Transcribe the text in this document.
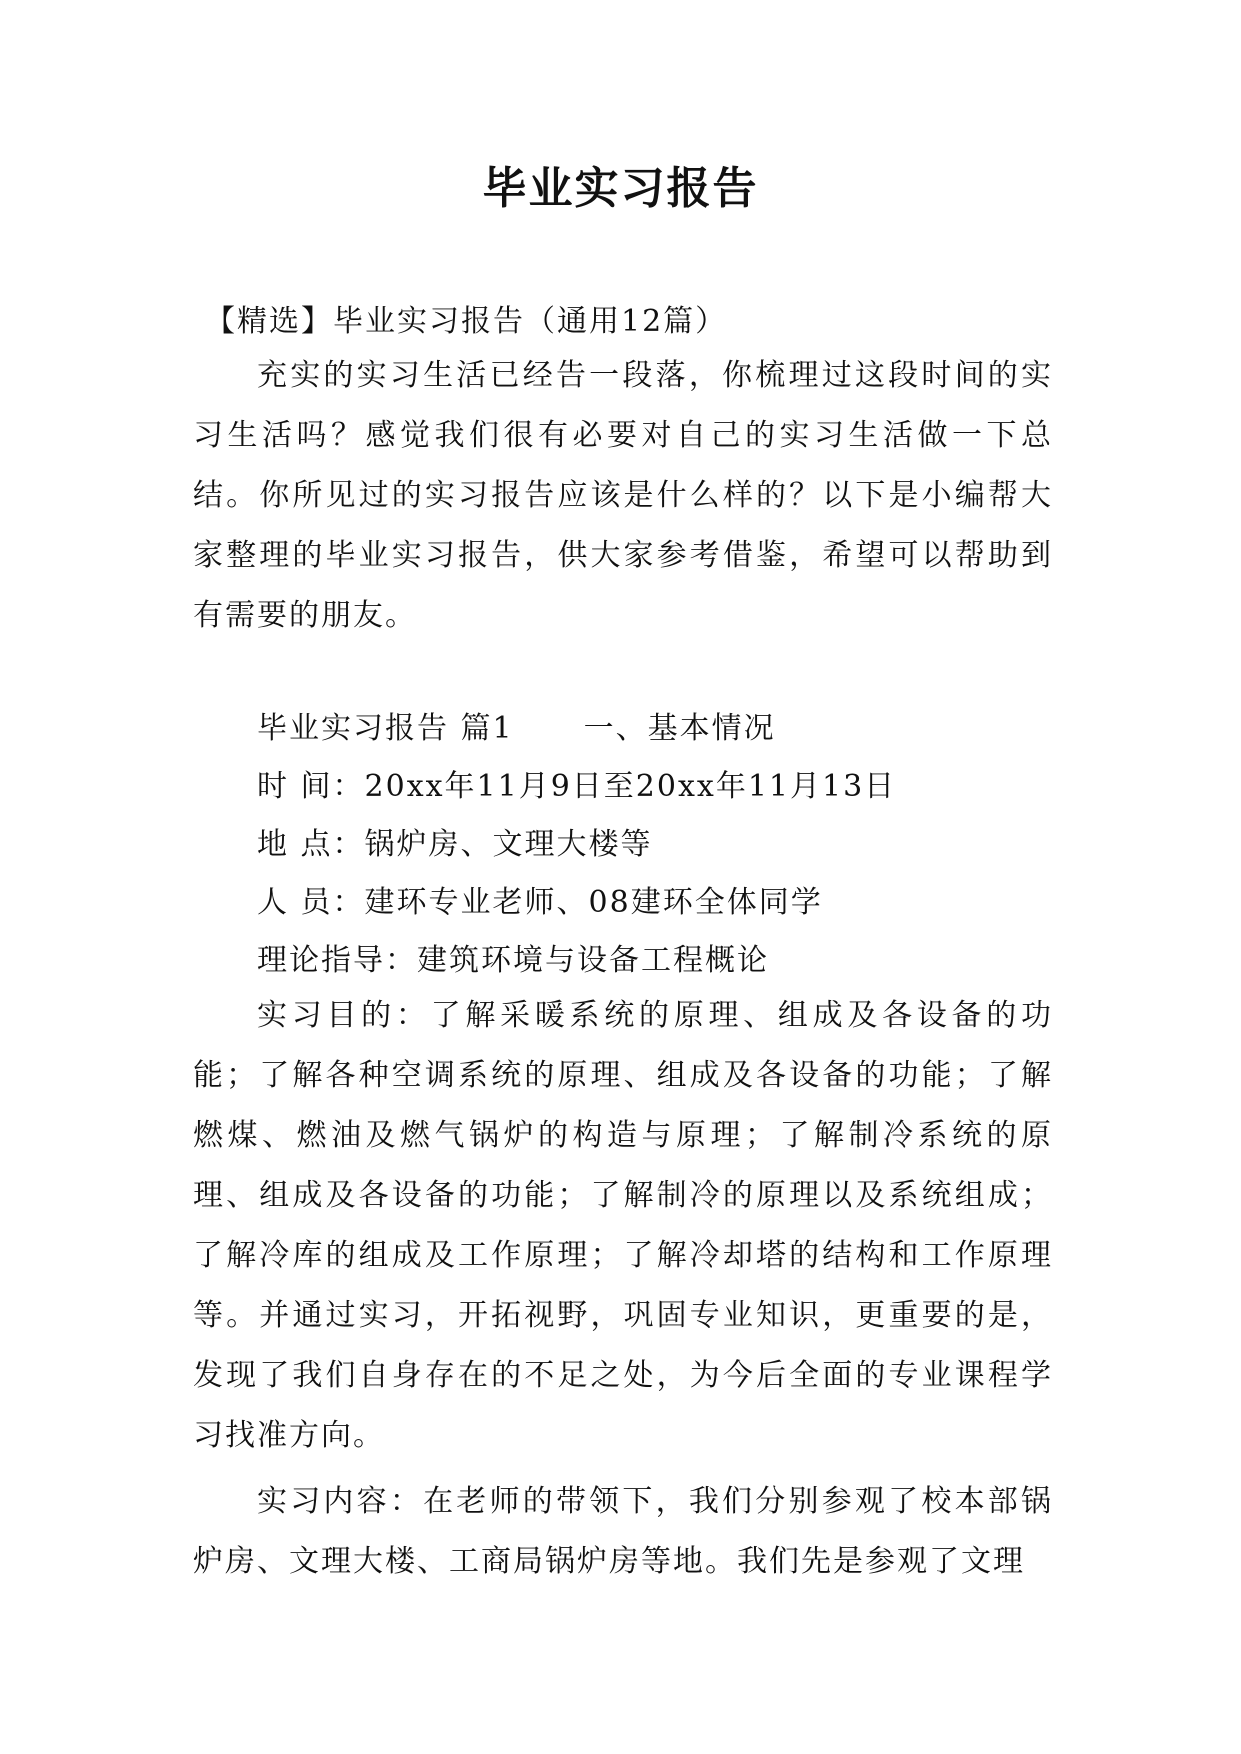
毕业实习报告
【精选】毕业实习报告（通用12篇）

充实的实习生活已经告一段落，你梳理过这段时间的实习生活吗？感觉我们很有必要对自己的实习生活做一下总结。你所见过的实习报告应该是什么样的？以下是小编帮大家整理的毕业实习报告，供大家参考借鉴，希望可以帮助到有需要的朋友。

毕业实习报告 篇1 一、基本情况

时 间：20xx年11月9日至20xx年11月13日

地 点：锅炉房、文理大楼等

人 员：建环专业老师、08建环全体同学

理论指导：建筑环境与设备工程概论

实习目的：了解采暖系统的原理、组成及各设备的功能；了解各种空调系统的原理、组成及各设备的功能；了解燃煤、燃油及燃气锅炉的构造与原理；了解制冷系统的原理、组成及各设备的功能；了解制冷的原理以及系统组成；了解冷库的组成及工作原理；了解冷却塔的结构和工作原理等。并通过实习，开拓视野，巩固专业知识，更重要的是，发现了我们自身存在的不足之处，为今后全面的专业课程学习找准方向。

实习内容：在老师的带领下，我们分别参观了校本部锅炉房、文理大楼、工商局锅炉房等地。我们先是参观了文理
